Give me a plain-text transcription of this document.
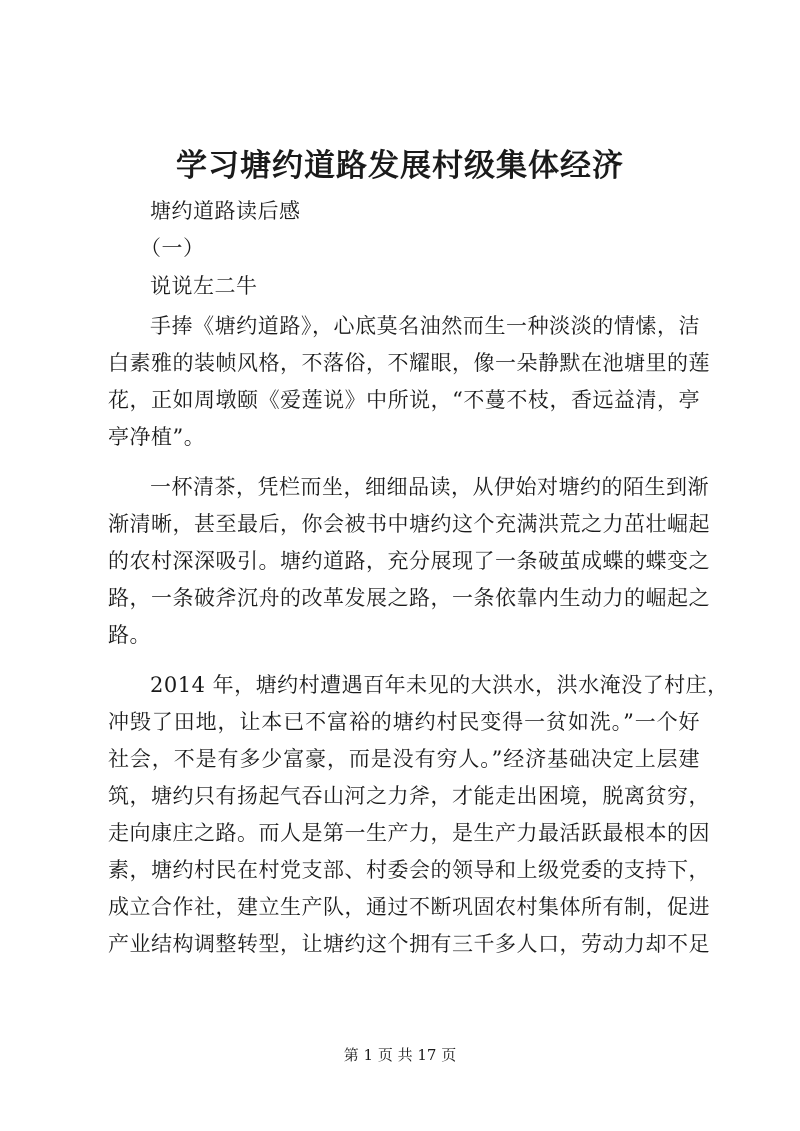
学习塘约道路发展村级集体经济

塘约道路读后感

（一）

说说左二牛

手捧《塘约道路》，心底莫名油然而生一种淡淡的情愫，洁

白素雅的装帧风格，不落俗，不耀眼，像一朵静默在池塘里的莲

花，正如周墩颐《爱莲说》中所说，“不蔓不枝，香远益清，亭

亭净植”。

一杯清茶，凭栏而坐，细细品读，从伊始对塘约的陌生到渐

渐清晰，甚至最后，你会被书中塘约这个充满洪荒之力茁壮崛起

的农村深深吸引。塘约道路，充分展现了一条破茧成蝶的蝶变之

路，一条破斧沉舟的改革发展之路，一条依靠内生动力的崛起之

路。

2014 年，塘约村遭遇百年未见的大洪水，洪水淹没了村庄，

冲毁了田地，让本已不富裕的塘约村民变得一贫如洗。”一个好

社会，不是有多少富豪，而是没有穷人。”经济基础决定上层建

筑，塘约只有扬起气吞山河之力斧，才能走出困境，脱离贫穷，

走向康庄之路。而人是第一生产力，是生产力最活跃最根本的因

素，塘约村民在村党支部、村委会的领导和上级党委的支持下，

成立合作社，建立生产队，通过不断巩固农村集体所有制，促进

产业结构调整转型，让塘约这个拥有三千多人口，劳动力却不足

第 1 页 共 17 页
